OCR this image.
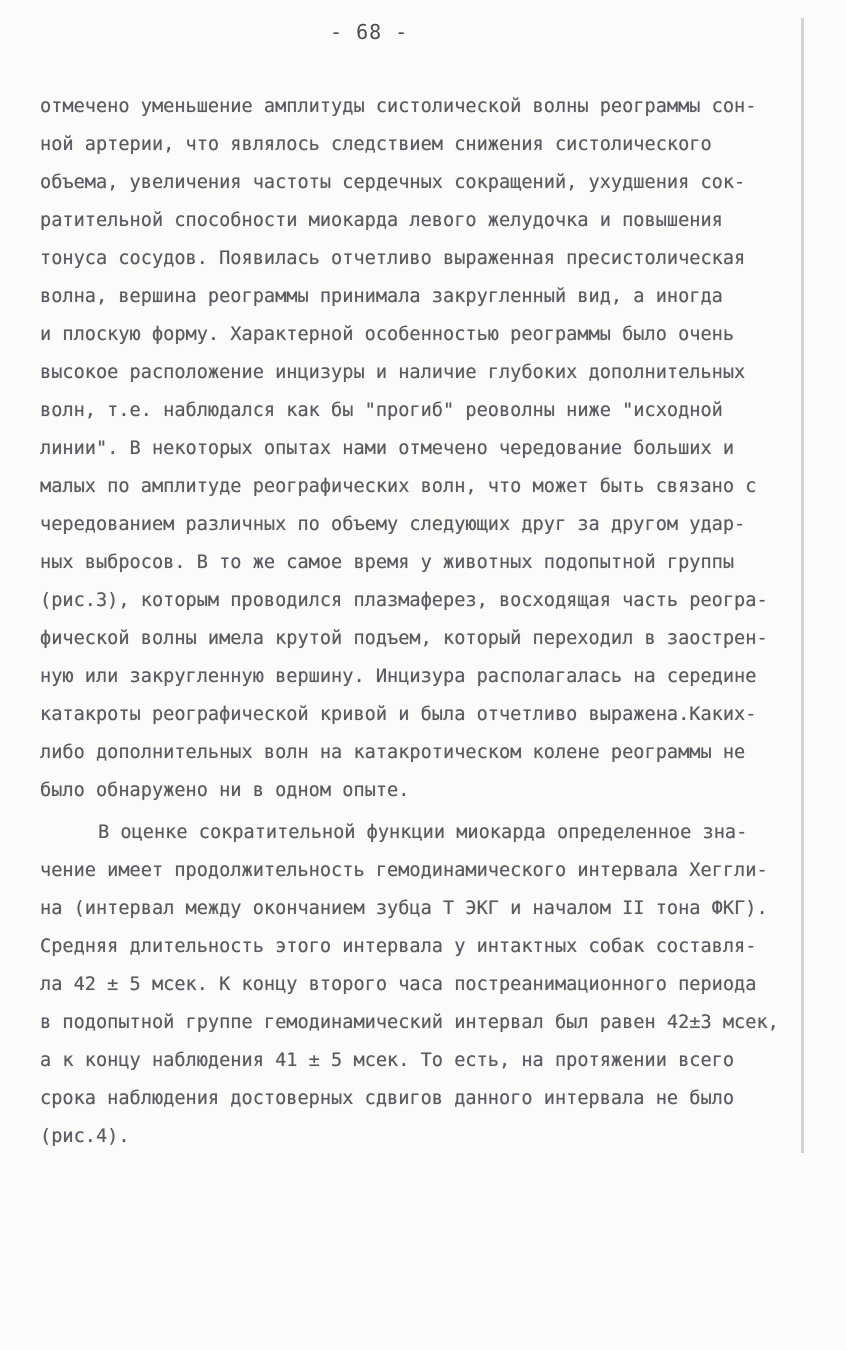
- 68 -
отмечено уменьшение амплитуды систолической волны реограммы сон-
ной артерии, что являлось следствием снижения систолического
объема, увеличения частоты сердечных сокращений, ухудшения сок-
ратительной способности миокарда левого желудочка и повышения
тонуса сосудов. Появилась отчетливо выраженная пресистолическая
волна, вершина реограммы принимала закругленный вид, а иногда
и плоскую форму. Характерной особенностью реограммы было очень
высокое расположение инцизуры и наличие глубоких дополнительных
волн, т.е. наблюдался как бы "прогиб" реоволны ниже "исходной
линии". В некоторых опытах нами отмечено чередование больших и
малых по амплитуде реографических волн, что может быть связано с
чередованием различных по объему следующих друг за другом удар-
ных выбросов. В то же самое время у животных подопытной группы
(рис.3), которым проводился плазмаферез, восходящая часть реогра-
фической волны имела крутой подъем, который переходил в заострен-
ную или закругленную вершину. Инцизура располагалась на середине
катакроты реографической кривой и была отчетливо выражена.Каких-
либо дополнительных волн на катакротическом колене реограммы не
было обнаружено ни в одном опыте.
В оценке сократительной функции миокарда определенное зна-
чение имеет продолжительность гемодинамического интервала Хеггли-
на (интервал между окончанием зубца Т ЭКГ и началом II тона ФКГ).
Средняя длительность этого интервала у интактных собак составля-
ла 42 ± 5 мсек. К концу второго часа постреанимационного периода
в подопытной группе гемодинамический интервал был равен 42±3 мсек,
а к концу наблюдения 41 ± 5 мсек. То есть, на протяжении всего
срока наблюдения достоверных сдвигов данного интервала не было
(рис.4).
